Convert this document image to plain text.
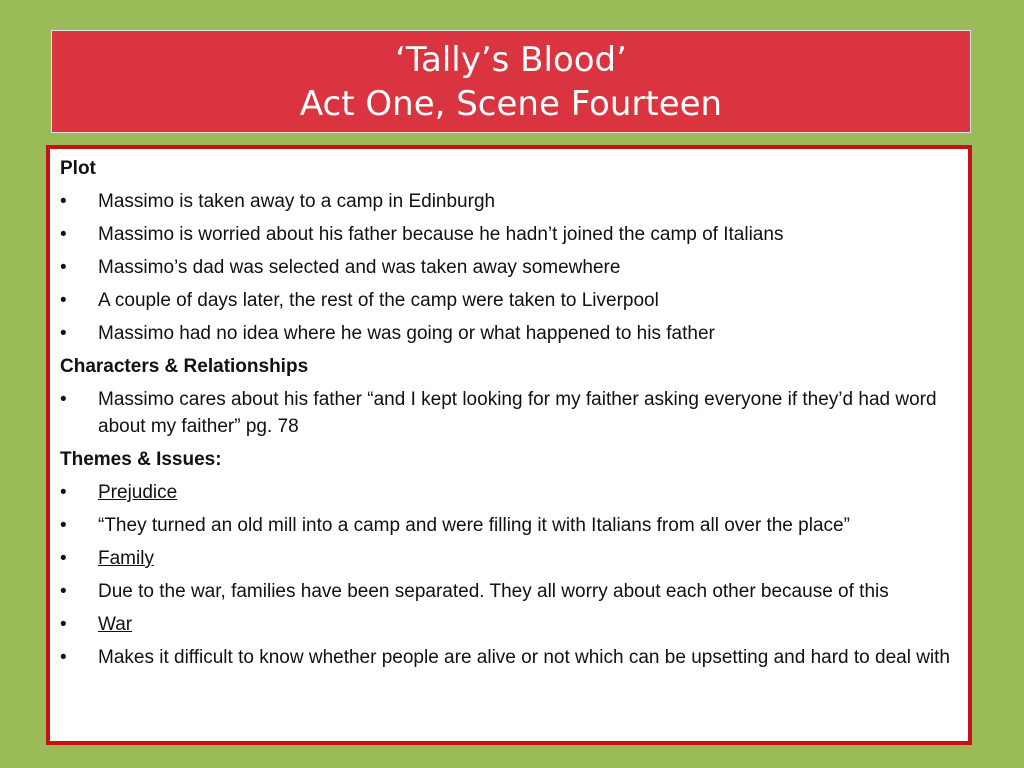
‘Tally’s Blood’
Act One, Scene Fourteen
Plot
•	Massimo is taken away to a camp in Edinburgh
•	Massimo is worried about his father because he hadn’t joined the camp of Italians
•	Massimo’s dad was selected and was taken away somewhere
•	A couple of days later, the rest of the camp were taken to Liverpool
•	Massimo had no idea where he was going or what happened to his father
Characters & Relationships
•	Massimo cares about his father “and I kept looking for my faither asking everyone if they’d had word about my faither” pg. 78
Themes & Issues:
•	Prejudice
•	“They turned an old mill into a camp and were filling it with Italians from all over the place”
•	Family
•	Due to the war, families have been separated. They all worry about each other because of this
•	War
•	Makes it difficult to know whether people are alive or not which can be upsetting and hard to deal with
